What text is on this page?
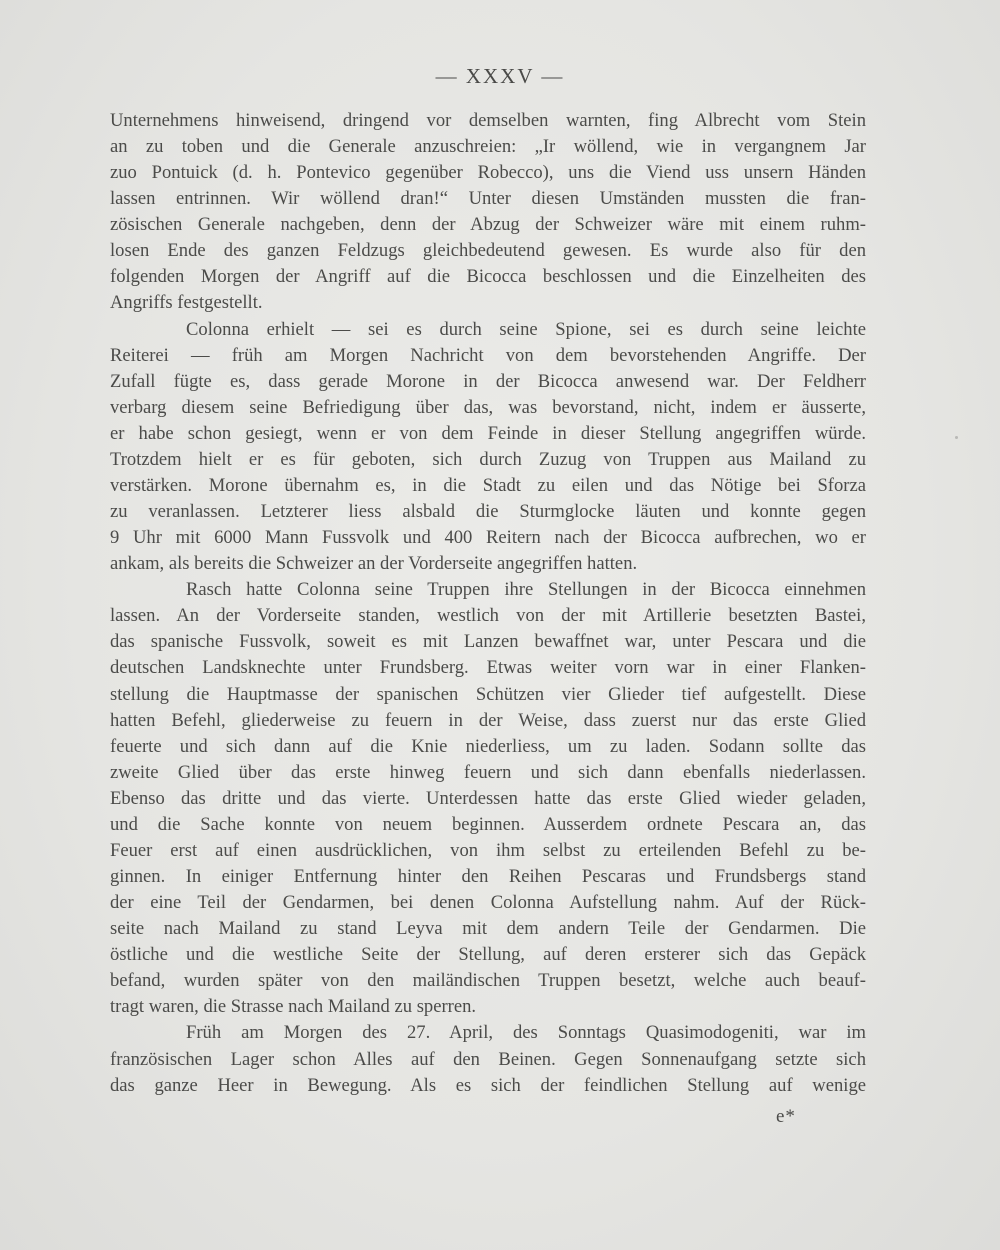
— XXXV —
Unternehmens hinweisend, dringend vor demselben warnten, fing Albrecht vom Stein
an zu toben und die Generale anzuschreien: „Ir wöllend, wie in vergangnem Jar
zuo Pontuick (d. h. Pontevico gegenüber Robecco), uns die Viend uss unsern Händen
lassen entrinnen. Wir wöllend dran!“ Unter diesen Umständen mussten die fran-
zösischen Generale nachgeben, denn der Abzug der Schweizer wäre mit einem ruhm-
losen Ende des ganzen Feldzugs gleichbedeutend gewesen. Es wurde also für den
folgenden Morgen der Angriff auf die Bicocca beschlossen und die Einzelheiten des
Angriffs festgestellt.
Colonna erhielt — sei es durch seine Spione, sei es durch seine leichte
Reiterei — früh am Morgen Nachricht von dem bevorstehenden Angriffe. Der
Zufall fügte es, dass gerade Morone in der Bicocca anwesend war. Der Feldherr
verbarg diesem seine Befriedigung über das, was bevorstand, nicht, indem er äusserte,
er habe schon gesiegt, wenn er von dem Feinde in dieser Stellung angegriffen würde.
Trotzdem hielt er es für geboten, sich durch Zuzug von Truppen aus Mailand zu
verstärken. Morone übernahm es, in die Stadt zu eilen und das Nötige bei Sforza
zu veranlassen. Letzterer liess alsbald die Sturmglocke läuten und konnte gegen
9 Uhr mit 6000 Mann Fussvolk und 400 Reitern nach der Bicocca aufbrechen, wo er
ankam, als bereits die Schweizer an der Vorderseite angegriffen hatten.
Rasch hatte Colonna seine Truppen ihre Stellungen in der Bicocca einnehmen
lassen. An der Vorderseite standen, westlich von der mit Artillerie besetzten Bastei,
das spanische Fussvolk, soweit es mit Lanzen bewaffnet war, unter Pescara und die
deutschen Landsknechte unter Frundsberg. Etwas weiter vorn war in einer Flanken-
stellung die Hauptmasse der spanischen Schützen vier Glieder tief aufgestellt. Diese
hatten Befehl, gliederweise zu feuern in der Weise, dass zuerst nur das erste Glied
feuerte und sich dann auf die Knie niederliess, um zu laden. Sodann sollte das
zweite Glied über das erste hinweg feuern und sich dann ebenfalls niederlassen.
Ebenso das dritte und das vierte. Unterdessen hatte das erste Glied wieder geladen,
und die Sache konnte von neuem beginnen. Ausserdem ordnete Pescara an, das
Feuer erst auf einen ausdrücklichen, von ihm selbst zu erteilenden Befehl zu be-
ginnen. In einiger Entfernung hinter den Reihen Pescaras und Frundsbergs stand
der eine Teil der Gendarmen, bei denen Colonna Aufstellung nahm. Auf der Rück-
seite nach Mailand zu stand Leyva mit dem andern Teile der Gendarmen. Die
östliche und die westliche Seite der Stellung, auf deren ersterer sich das Gepäck
befand, wurden später von den mailändischen Truppen besetzt, welche auch beauf-
tragt waren, die Strasse nach Mailand zu sperren.
Früh am Morgen des 27. April, des Sonntags Quasimodogeniti, war im
französischen Lager schon Alles auf den Beinen. Gegen Sonnenaufgang setzte sich
das ganze Heer in Bewegung. Als es sich der feindlichen Stellung auf wenige
e*
